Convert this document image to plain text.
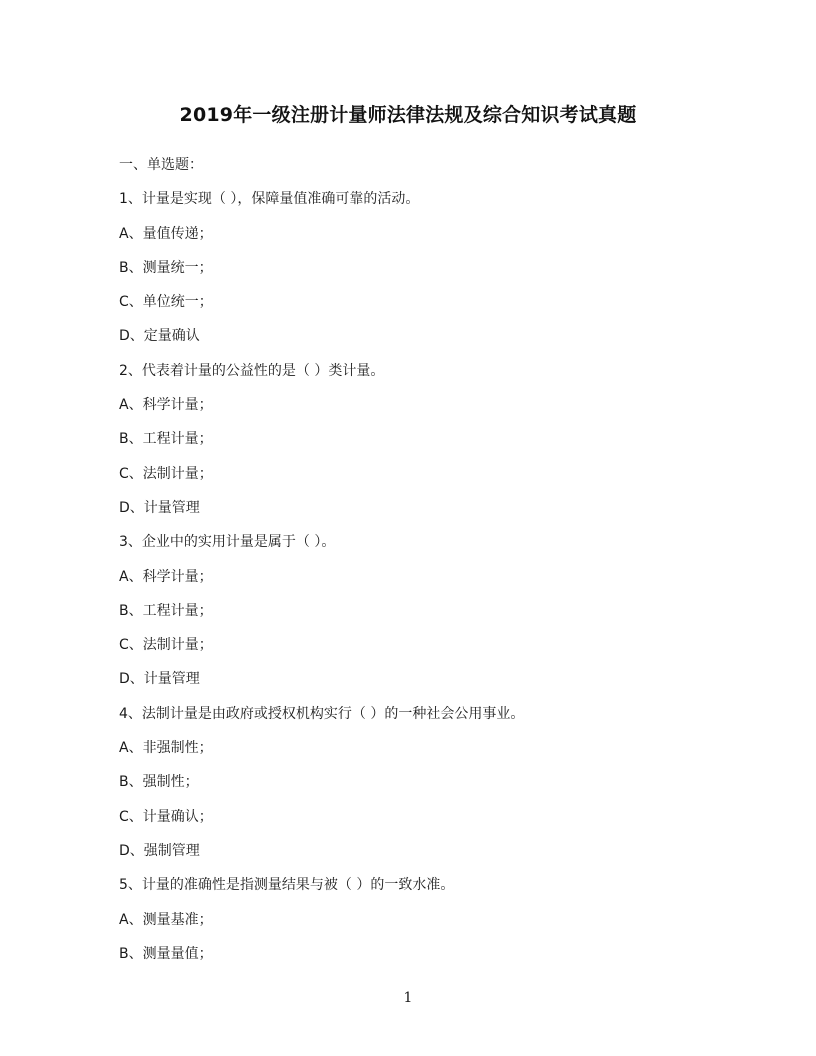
2019年一级注册计量师法律法规及综合知识考试真题
一、单选题：
1、计量是实现（ ），保障量值准确可靠的活动。
A、量值传递；
B、测量统一；
C、单位统一；
D、定量确认
2、代表着计量的公益性的是（ ）类计量。
A、科学计量；
B、工程计量；
C、法制计量；
D、计量管理
3、企业中的实用计量是属于（ ）。
A、科学计量；
B、工程计量；
C、法制计量；
D、计量管理
4、法制计量是由政府或授权机构实行（ ）的一种社会公用事业。
A、非强制性；
B、强制性；
C、计量确认；
D、强制管理
5、计量的准确性是指测量结果与被（ ）的一致水准。
A、测量基准；
B、测量量值；
1
